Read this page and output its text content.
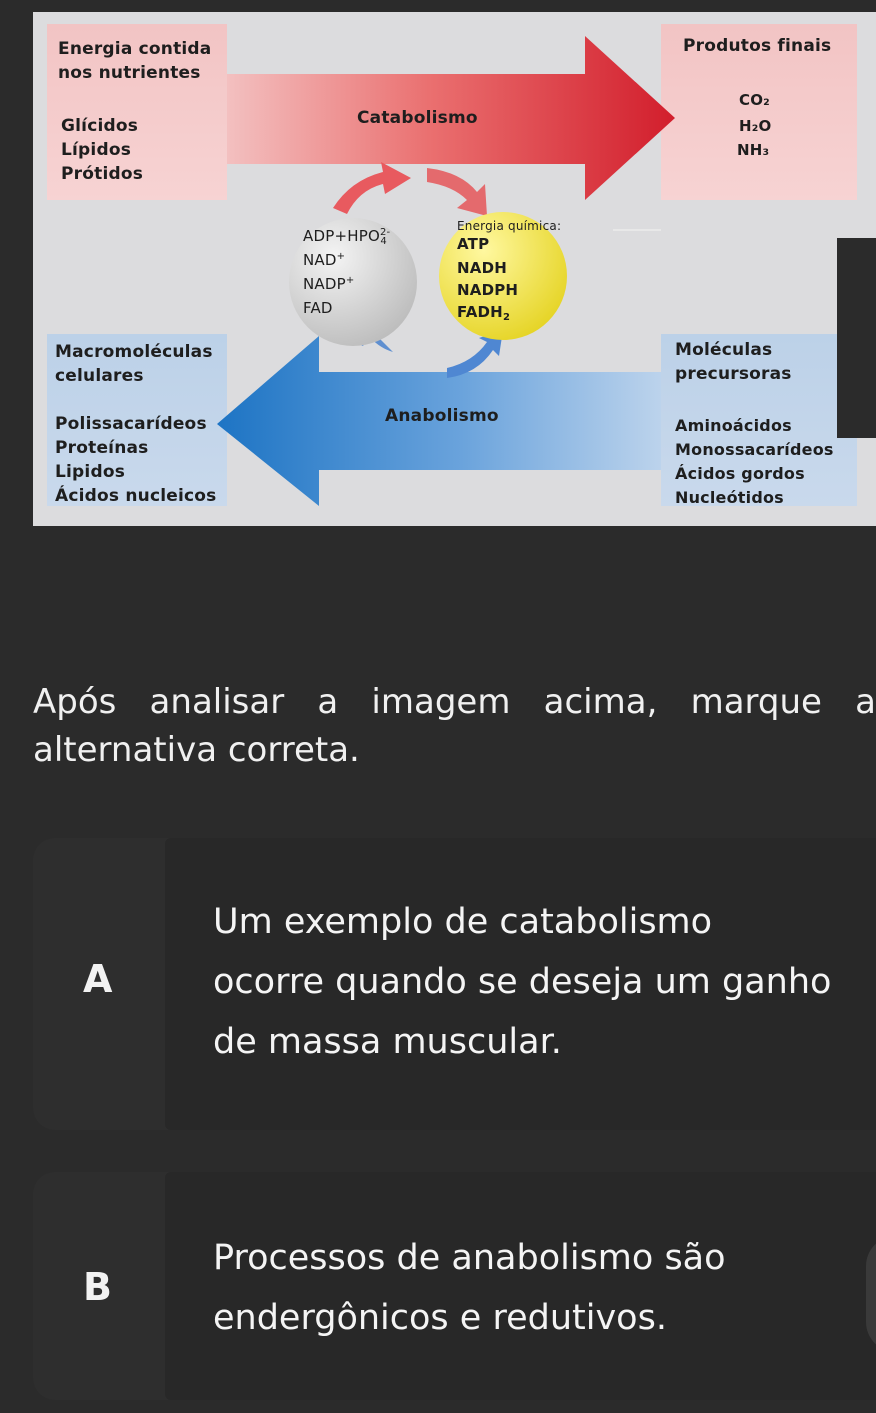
Energia contida

nos nutrientes

Glícidos

Lípidos

Prótidos

Produtos finais
CO₂
H₂O
NH₃
Catabolismo
Anabolismo
$ADP+HPO^{2-}_4$
NAD+
NADP+
FAD
Energia química:
ATP
NADH
NADPH
$FADH_2$

Macromoléculas

celulares

Polissacarídeos

Proteínas

Lipidos

Ácidos nucleicos

Moléculas

precursoras

Aminoácidos

Monossacarídeos

Ácidos gordos

Nucleótidos

Após analisar a imagem acima, marque a alternativa correta.

A

Um exemplo de catabolismo ocorre quando se deseja um ganho de massa muscular.

B

Processos de anabolismo são endergônicos e redutivos.
